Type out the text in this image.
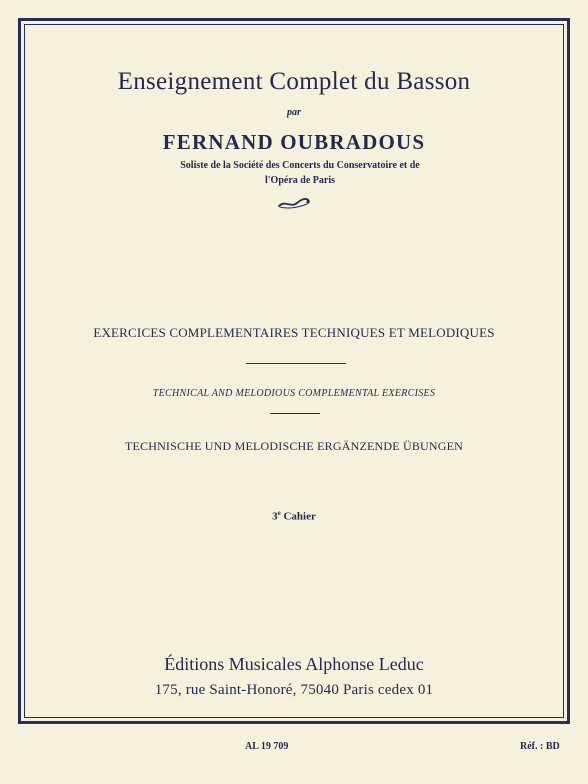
Enseignement Complet du Basson
par
FERNAND OUBRADOUS
Soliste de la Société des Concerts du Conservatoire et de
l'Opéra de Paris
EXERCICES COMPLEMENTAIRES TECHNIQUES ET MELODIQUES
TECHNICAL AND MELODIOUS COMPLEMENTAL EXERCISES
TECHNISCHE UND MELODISCHE ERGÄNZENDE ÜBUNGEN
3e Cahier
Éditions Musicales Alphonse Leduc
175, rue Saint-Honoré, 75040 Paris cedex 01
AL 19 709	Réf. : BD
